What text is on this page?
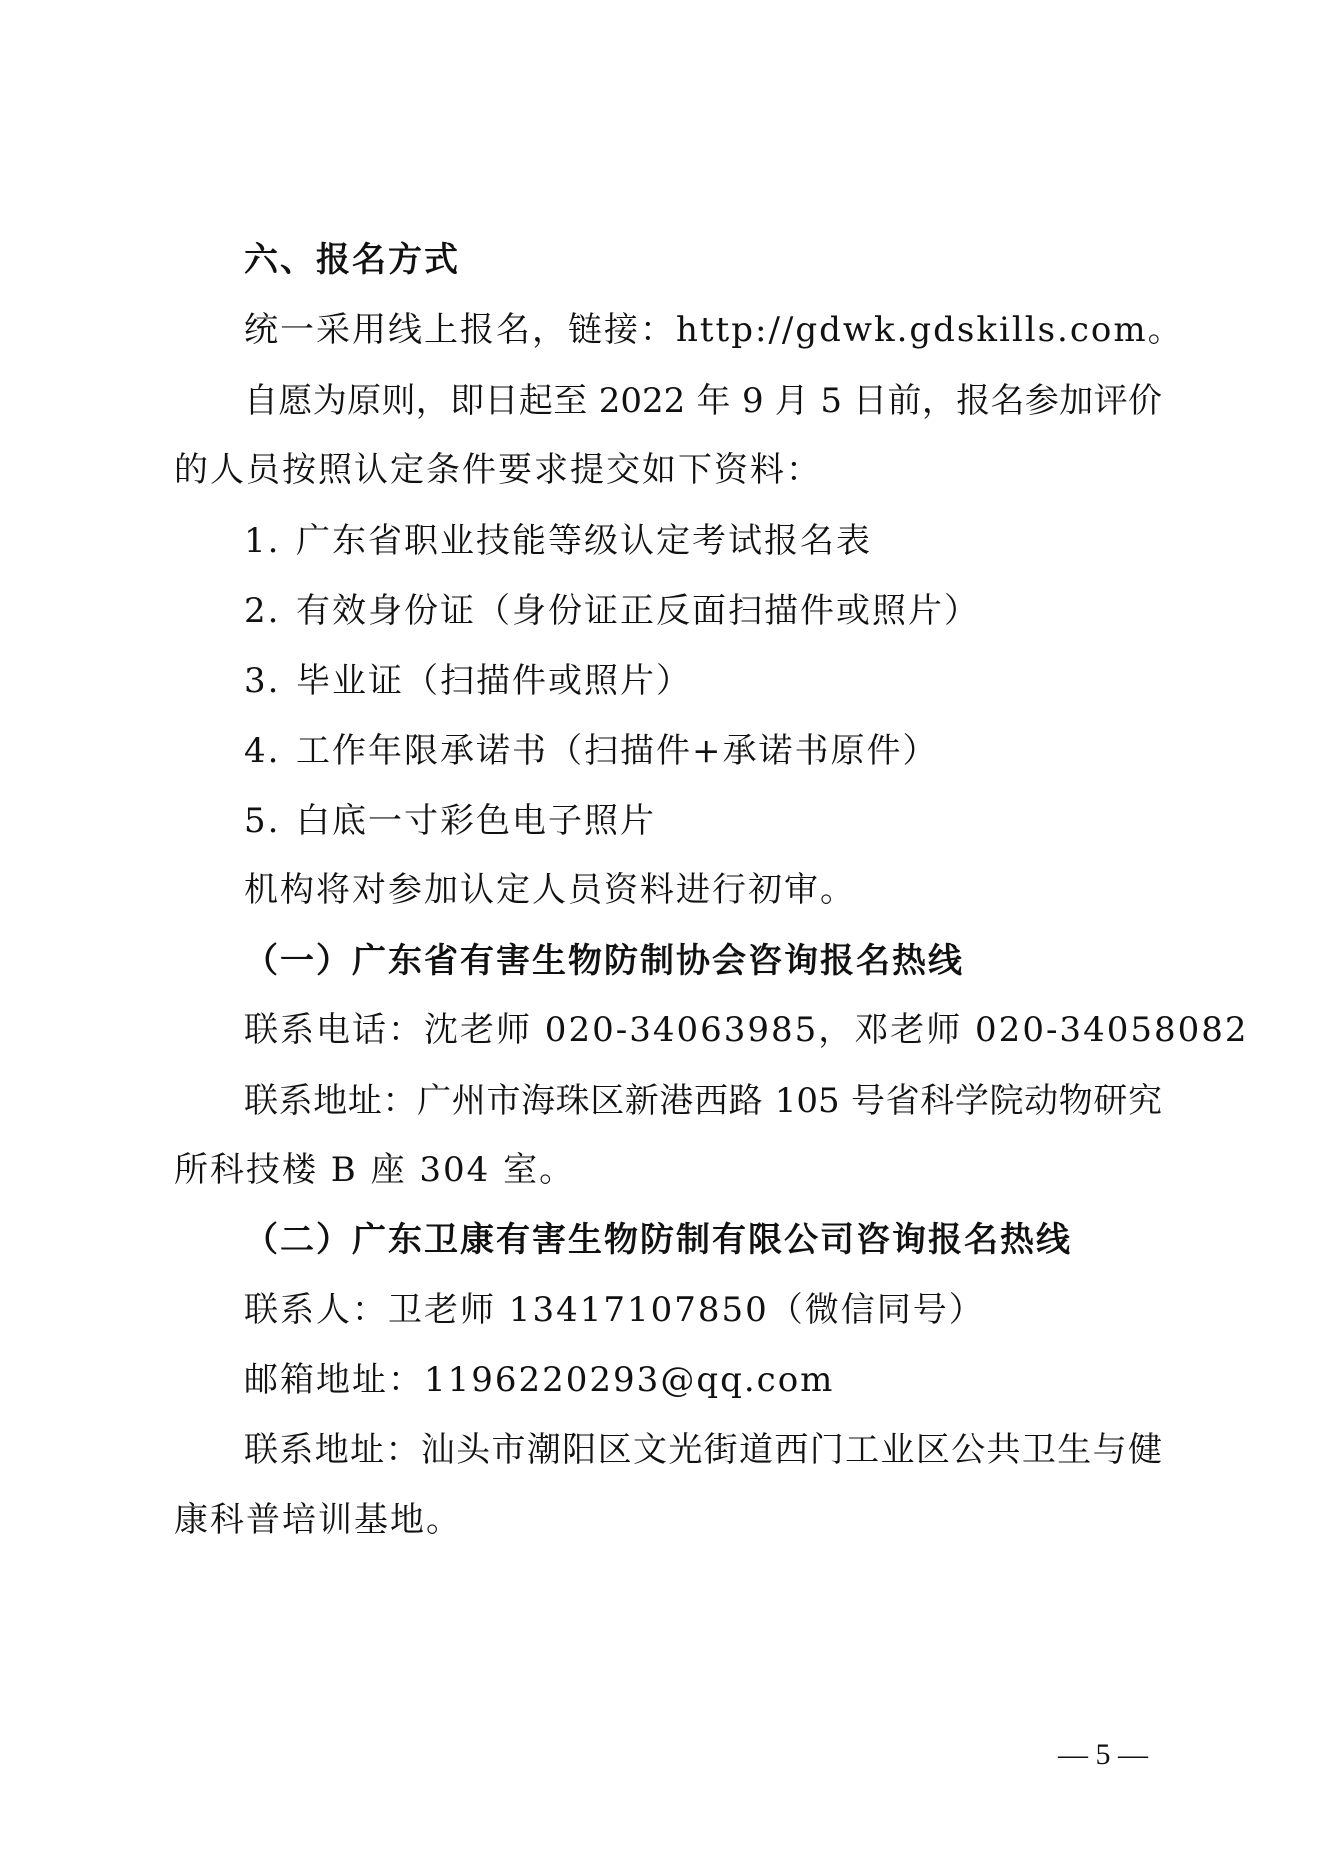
六、报名方式
统一采用线上报名，链接：http://gdwk.gdskills.com。
自愿为原则，即日起至 2022 年 9 月 5 日前，报名参加评价
的人员按照认定条件要求提交如下资料：
1. 广东省职业技能等级认定考试报名表
2. 有效身份证（身份证正反面扫描件或照片）
3. 毕业证（扫描件或照片）
4. 工作年限承诺书（扫描件+承诺书原件）
5. 白底一寸彩色电子照片
机构将对参加认定人员资料进行初审。
（一）广东省有害生物防制协会咨询报名热线
联系电话：沈老师 020-34063985，邓老师 020-34058082
联系地址：广州市海珠区新港西路 105 号省科学院动物研究
所科技楼 B 座 304 室。
（二）广东卫康有害生物防制有限公司咨询报名热线
联系人：卫老师 13417107850（微信同号）
邮箱地址：1196220293@qq.com
联系地址：汕头市潮阳区文光街道西门工业区公共卫生与健
康科普培训基地。
— 5 —
